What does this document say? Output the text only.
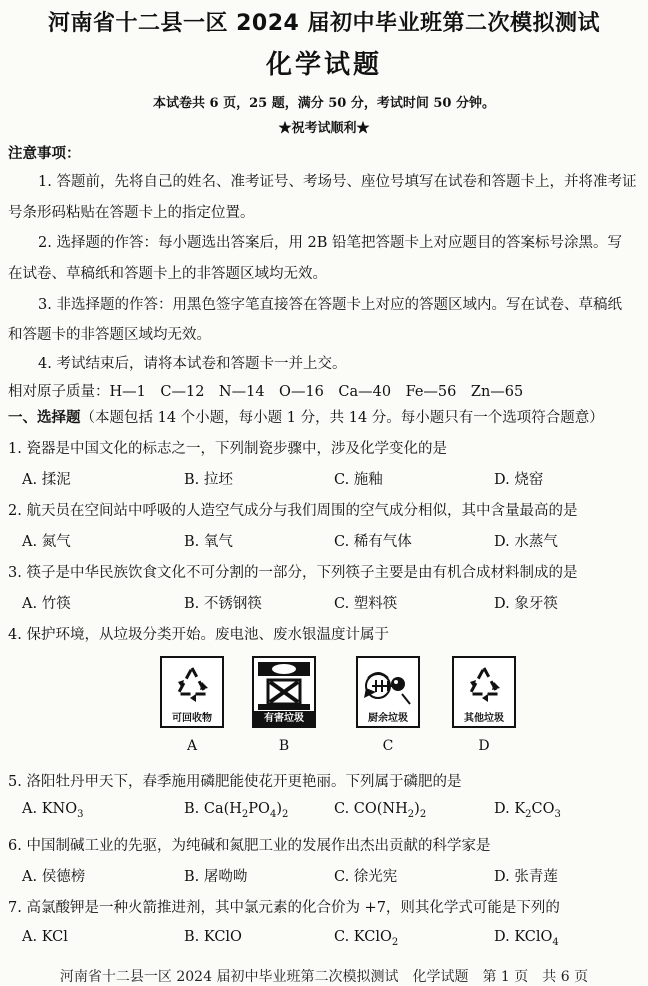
河南省十二县一区 2024 届初中毕业班第二次模拟测试
化学试题
本试卷共 6 页，25 题，满分 50 分，考试时间 50 分钟。
★祝考试顺利★
注意事项：
1. 答题前，先将自己的姓名、准考证号、考场号、座位号填写在试卷和答题卡上，并将准考证
号条形码粘贴在答题卡上的指定位置。
2. 选择题的作答：每小题选出答案后，用 2B 铅笔把答题卡上对应题目的答案标号涂黑。写
在试卷、草稿纸和答题卡上的非答题区域均无效。
3. 非选择题的作答：用黑色签字笔直接答在答题卡上对应的答题区域内。写在试卷、草稿纸
和答题卡的非答题区域均无效。
4. 考试结束后，请将本试卷和答题卡一并上交。
相对原子质量：H—1　C—12　N—14　O—16　Ca—40　Fe—56　Zn—65
一、选择题（本题包括 14 个小题，每小题 1 分，共 14 分。每小题只有一个选项符合题意）
1. 瓷器是中国文化的标志之一，下列制瓷步骤中，涉及化学变化的是
A. 揉泥	B. 拉坯	C. 施釉	D. 烧窑
2. 航天员在空间站中呼吸的人造空气成分与我们周围的空气成分相似，其中含量最高的是
A. 氮气	B. 氧气	C. 稀有气体	D. 水蒸气
3. 筷子是中华民族饮食文化不可分割的一部分，下列筷子主要是由有机合成材料制成的是
A. 竹筷	B. 不锈钢筷	C. 塑料筷	D. 象牙筷
4. 保护环境，从垃圾分类开始。废电池、废水银温度计属于
可回收物
A
有害垃圾
B
厨余垃圾
C
其他垃圾
D
5. 洛阳牡丹甲天下，春季施用磷肥能使花开更艳丽。下列属于磷肥的是
A. $KNO_3$	B. $Ca(H_2PO_4)_2$	C. $CO(NH_2)_2$	D. $K_2CO_3$
6. 中国制碱工业的先驱，为纯碱和氮肥工业的发展作出杰出贡献的科学家是
A. 侯德榜	B. 屠呦呦	C. 徐光宪	D. 张青莲
7. 高氯酸钾是一种火箭推进剂，其中氯元素的化合价为 +7，则其化学式可能是下列的
A. KCl	B. KClO	C. KClO$_2$	D. KClO$_4$
河南省十二县一区 2024 届初中毕业班第二次模拟测试　化学试题　第 1 页　共 6 页
